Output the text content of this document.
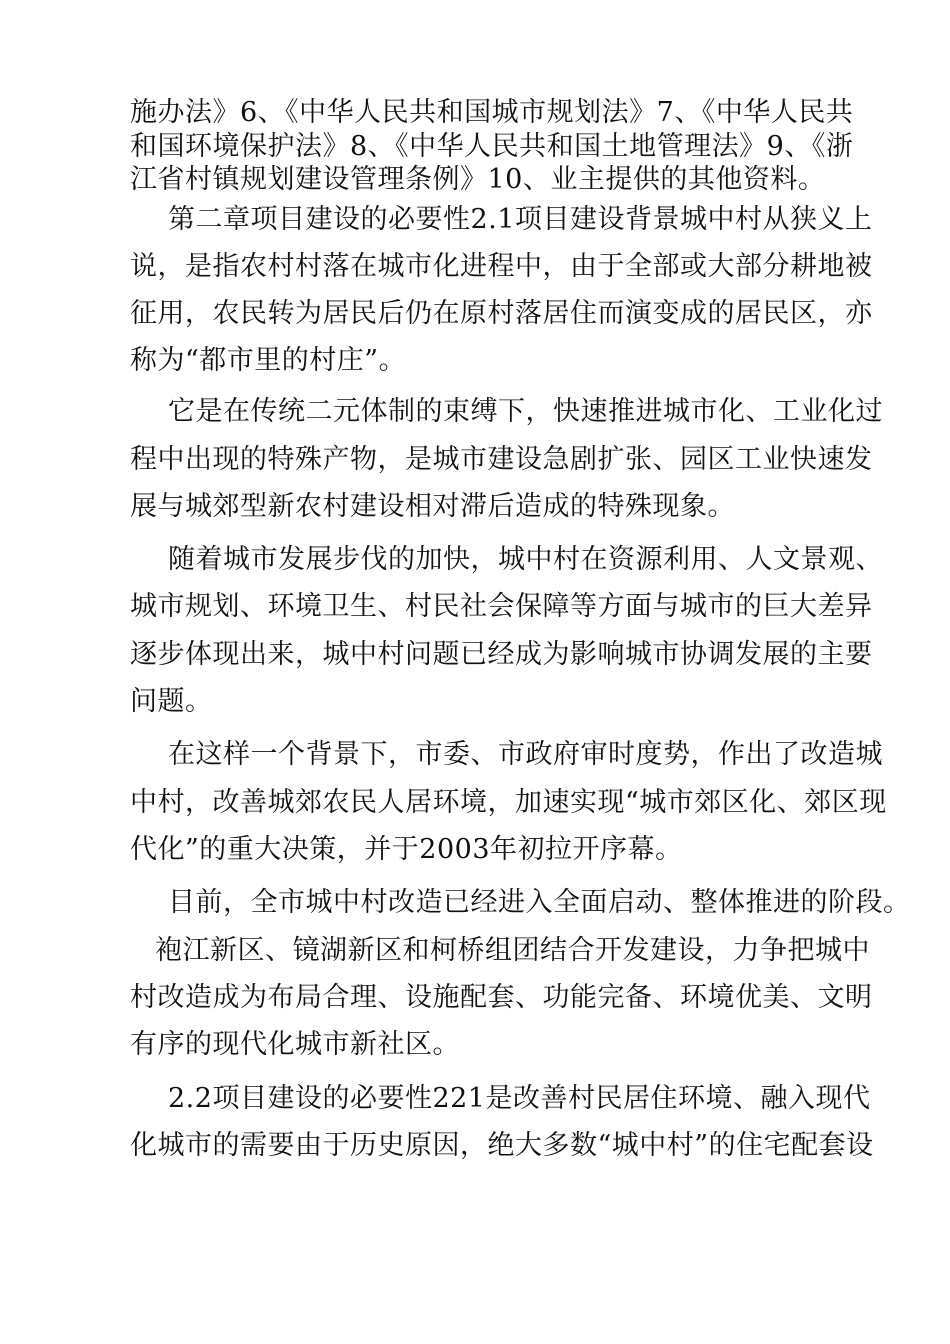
施办法》6、《中华人民共和国城市规划法》7、《中华人民共
和国环境保护法》8、《中华人民共和国土地管理法》9、《浙
江省村镇规划建设管理条例》10、业主提供的其他资料。
第二章项目建设的必要性2.1项目建设背景城中村从狭义上
说，是指农村村落在城市化进程中，由于全部或大部分耕地被
征用，农民转为居民后仍在原村落居住而演变成的居民区，亦
称为“都市里的村庄”。
它是在传统二元体制的束缚下，快速推进城市化、工业化过
程中出现的特殊产物，是城市建设急剧扩张、园区工业快速发
展与城郊型新农村建设相对滞后造成的特殊现象。
随着城市发展步伐的加快，城中村在资源利用、人文景观、
城市规划、环境卫生、村民社会保障等方面与城市的巨大差异
逐步体现出来，城中村问题已经成为影响城市协调发展的主要
问题。
在这样一个背景下，市委、市政府审时度势，作出了改造城
中村，改善城郊农民人居环境，加速实现“城市郊区化、郊区现
代化”的重大决策，并于2003年初拉开序幕。
目前，全市城中村改造已经进入全面启动、整体推进的阶段。
袍江新区、镜湖新区和柯桥组团结合开发建设，力争把城中
村改造成为布局合理、设施配套、功能完备、环境优美、文明
有序的现代化城市新社区。
2.2项目建设的必要性221是改善村民居住环境、融入现代
化城市的需要由于历史原因，绝大多数“城中村”的住宅配套设
